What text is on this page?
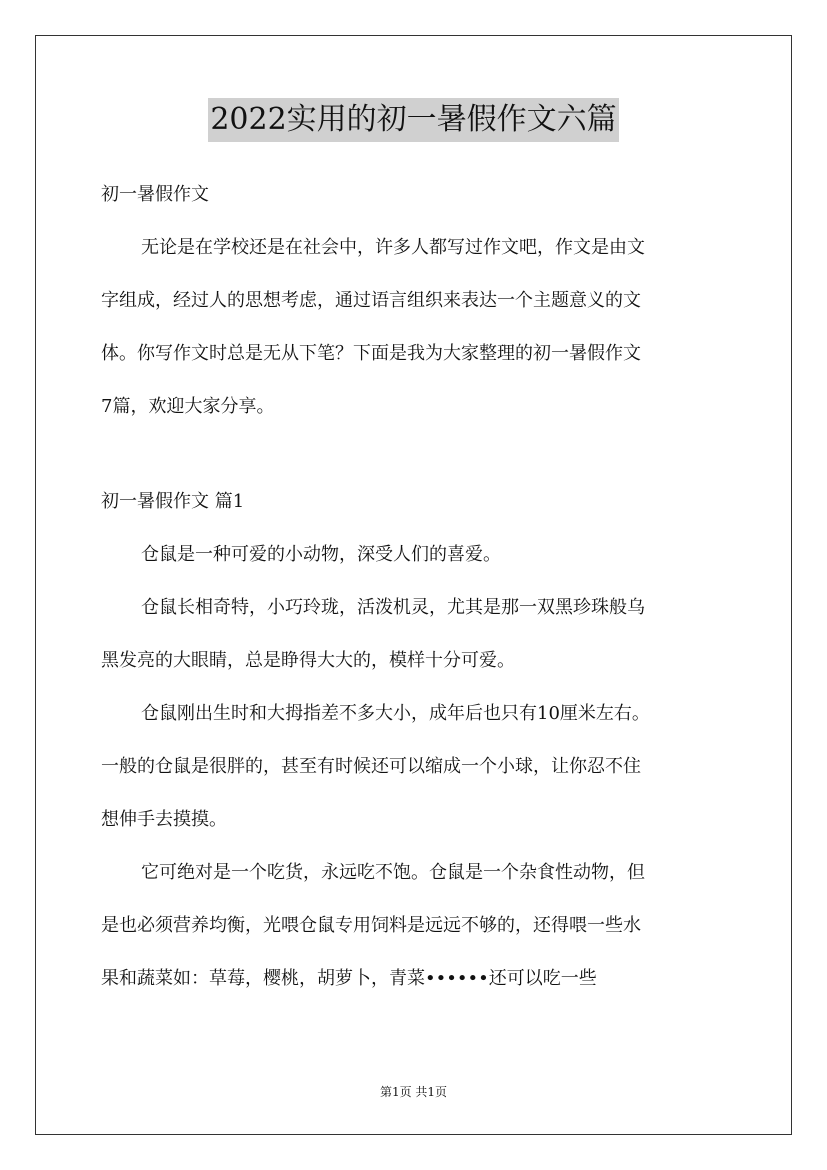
2022实用的初一暑假作文六篇
初一暑假作文
无论是在学校还是在社会中，许多人都写过作文吧，作文是由文
字组成，经过人的思想考虑，通过语言组织来表达一个主题意义的文
体。你写作文时总是无从下笔？下面是我为大家整理的初一暑假作文
7篇，欢迎大家分享。
初一暑假作文 篇1
仓鼠是一种可爱的小动物，深受人们的喜爱。
仓鼠长相奇特，小巧玲珑，活泼机灵，尤其是那一双黑珍珠般乌
黑发亮的大眼睛，总是睁得大大的，模样十分可爱。
仓鼠刚出生时和大拇指差不多大小，成年后也只有10厘米左右。
一般的仓鼠是很胖的，甚至有时候还可以缩成一个小球，让你忍不住
想伸手去摸摸。
它可绝对是一个吃货，永远吃不饱。仓鼠是一个杂食性动物，但
是也必须营养均衡，光喂仓鼠专用饲料是远远不够的，还得喂一些水
果和蔬菜如：草莓，樱桃，胡萝卜，青菜••••••还可以吃一些
第1页 共1页
